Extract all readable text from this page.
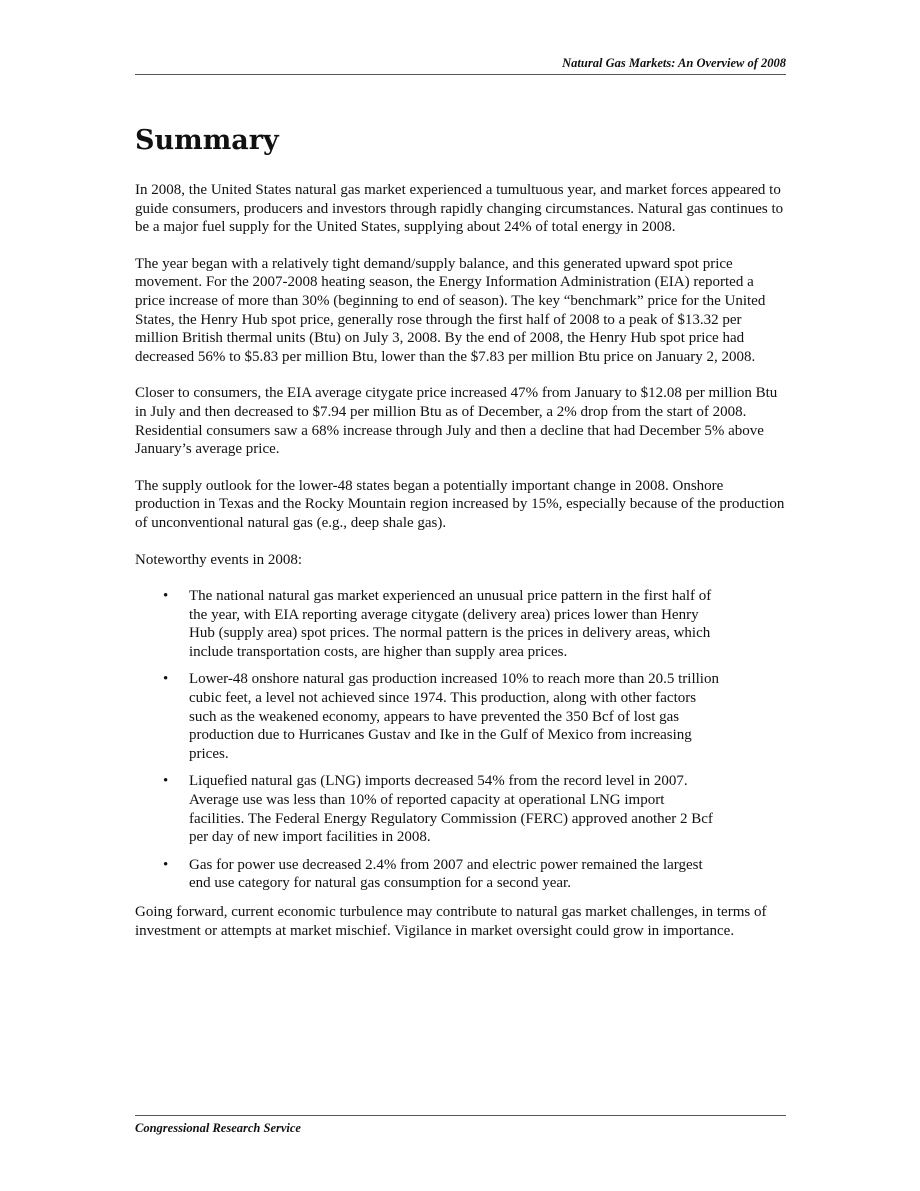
Natural Gas Markets: An Overview of 2008
Summary

In 2008, the United States natural gas market experienced a tumultuous year, and market forces appeared to guide consumers, producers and investors through rapidly changing circumstances. Natural gas continues to be a major fuel supply for the United States, supplying about 24% of total energy in 2008.

The year began with a relatively tight demand/supply balance, and this generated upward spot price movement. For the 2007-2008 heating season, the Energy Information Administration (EIA) reported a price increase of more than 30% (beginning to end of season). The key “benchmark” price for the United States, the Henry Hub spot price, generally rose through the first half of 2008 to a peak of $13.32 per million British thermal units (Btu) on July 3, 2008. By the end of 2008, the Henry Hub spot price had decreased 56% to $5.83 per million Btu, lower than the $7.83 per million Btu price on January 2, 2008.

Closer to consumers, the EIA average citygate price increased 47% from January to $12.08 per million Btu in July and then decreased to $7.94 per million Btu as of December, a 2% drop from the start of 2008. Residential consumers saw a 68% increase through July and then a decline that had December 5% above January’s average price.

The supply outlook for the lower-48 states began a potentially important change in 2008. Onshore production in Texas and the Rocky Mountain region increased by 15%, especially because of the production of unconventional natural gas (e.g., deep shale gas).

Noteworthy events in 2008:

• The national natural gas market experienced an unusual price pattern in the first half of the year, with EIA reporting average citygate (delivery area) prices lower than Henry Hub (supply area) spot prices. The normal pattern is the prices in delivery areas, which include transportation costs, are higher than supply area prices.
• Lower-48 onshore natural gas production increased 10% to reach more than 20.5 trillion cubic feet, a level not achieved since 1974. This production, along with other factors such as the weakened economy, appears to have prevented the 350 Bcf of lost gas production due to Hurricanes Gustav and Ike in the Gulf of Mexico from increasing prices.
• Liquefied natural gas (LNG) imports decreased 54% from the record level in 2007. Average use was less than 10% of reported capacity at operational LNG import facilities. The Federal Energy Regulatory Commission (FERC) approved another 2 Bcf per day of new import facilities in 2008.
• Gas for power use decreased 2.4% from 2007 and electric power remained the largest end use category for natural gas consumption for a second year.

Going forward, current economic turbulence may contribute to natural gas market challenges, in terms of investment or attempts at market mischief. Vigilance in market oversight could grow in importance.

Congressional Research Service
